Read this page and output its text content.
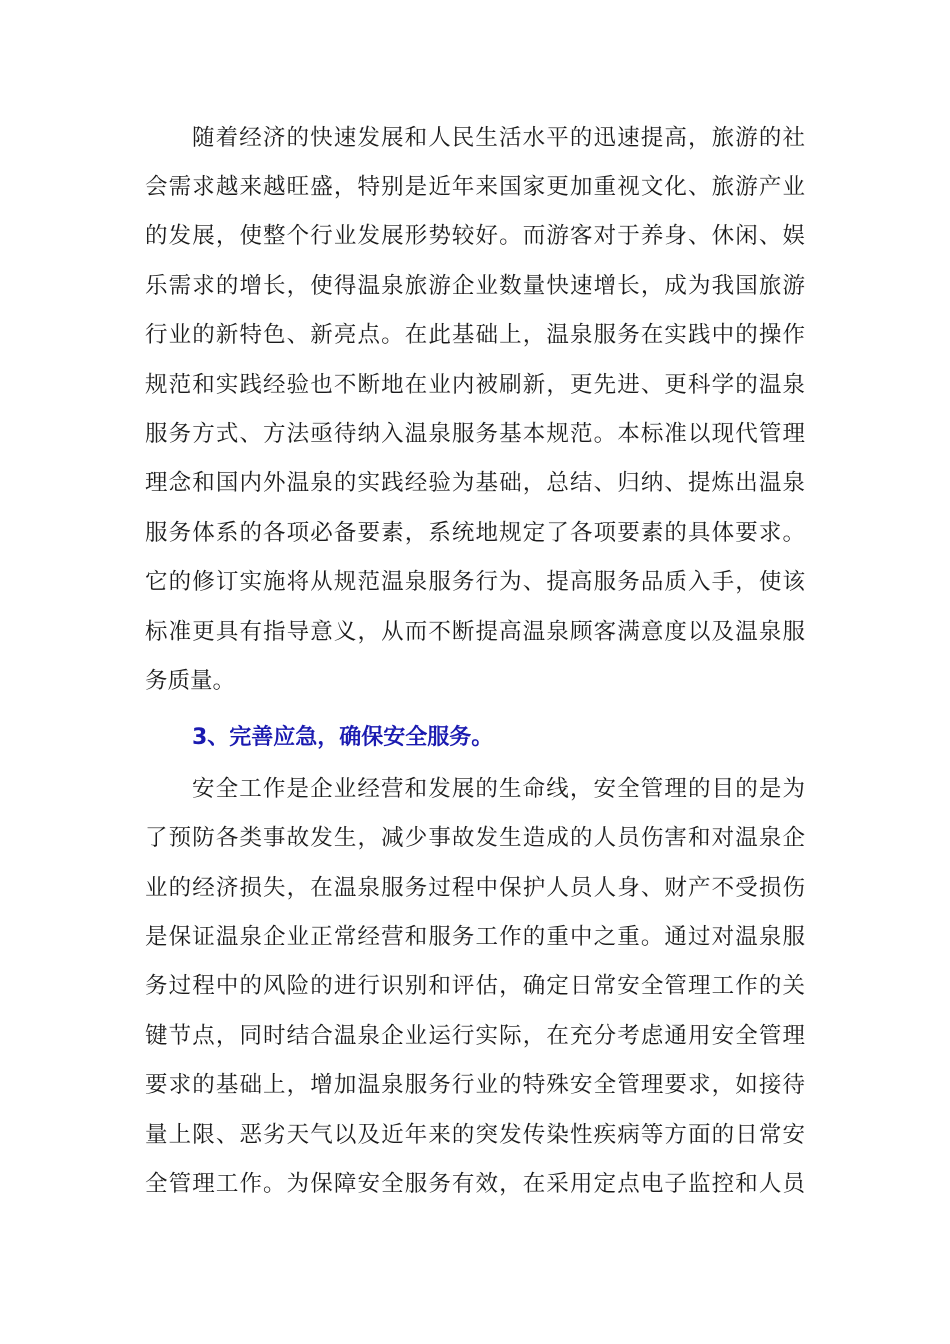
随着经济的快速发展和人民生活水平的迅速提高，旅游的社
会需求越来越旺盛，特别是近年来国家更加重视文化、旅游产业
的发展，使整个行业发展形势较好。而游客对于养身、休闲、娱
乐需求的增长，使得温泉旅游企业数量快速增长，成为我国旅游
行业的新特色、新亮点。在此基础上，温泉服务在实践中的操作
规范和实践经验也不断地在业内被刷新，更先进、更科学的温泉
服务方式、方法亟待纳入温泉服务基本规范。本标准以现代管理
理念和国内外温泉的实践经验为基础，总结、归纳、提炼出温泉
服务体系的各项必备要素，系统地规定了各项要素的具体要求。
它的修订实施将从规范温泉服务行为、提高服务品质入手，使该
标准更具有指导意义，从而不断提高温泉顾客满意度以及温泉服
务质量。
3、完善应急，确保安全服务。
安全工作是企业经营和发展的生命线，安全管理的目的是为
了预防各类事故发生，减少事故发生造成的人员伤害和对温泉企
业的经济损失，在温泉服务过程中保护人员人身、财产不受损伤
是保证温泉企业正常经营和服务工作的重中之重。通过对温泉服
务过程中的风险的进行识别和评估，确定日常安全管理工作的关
键节点，同时结合温泉企业运行实际，在充分考虑通用安全管理
要求的基础上，增加温泉服务行业的特殊安全管理要求，如接待
量上限、恶劣天气以及近年来的突发传染性疾病等方面的日常安
全管理工作。为保障安全服务有效，在采用定点电子监控和人员
